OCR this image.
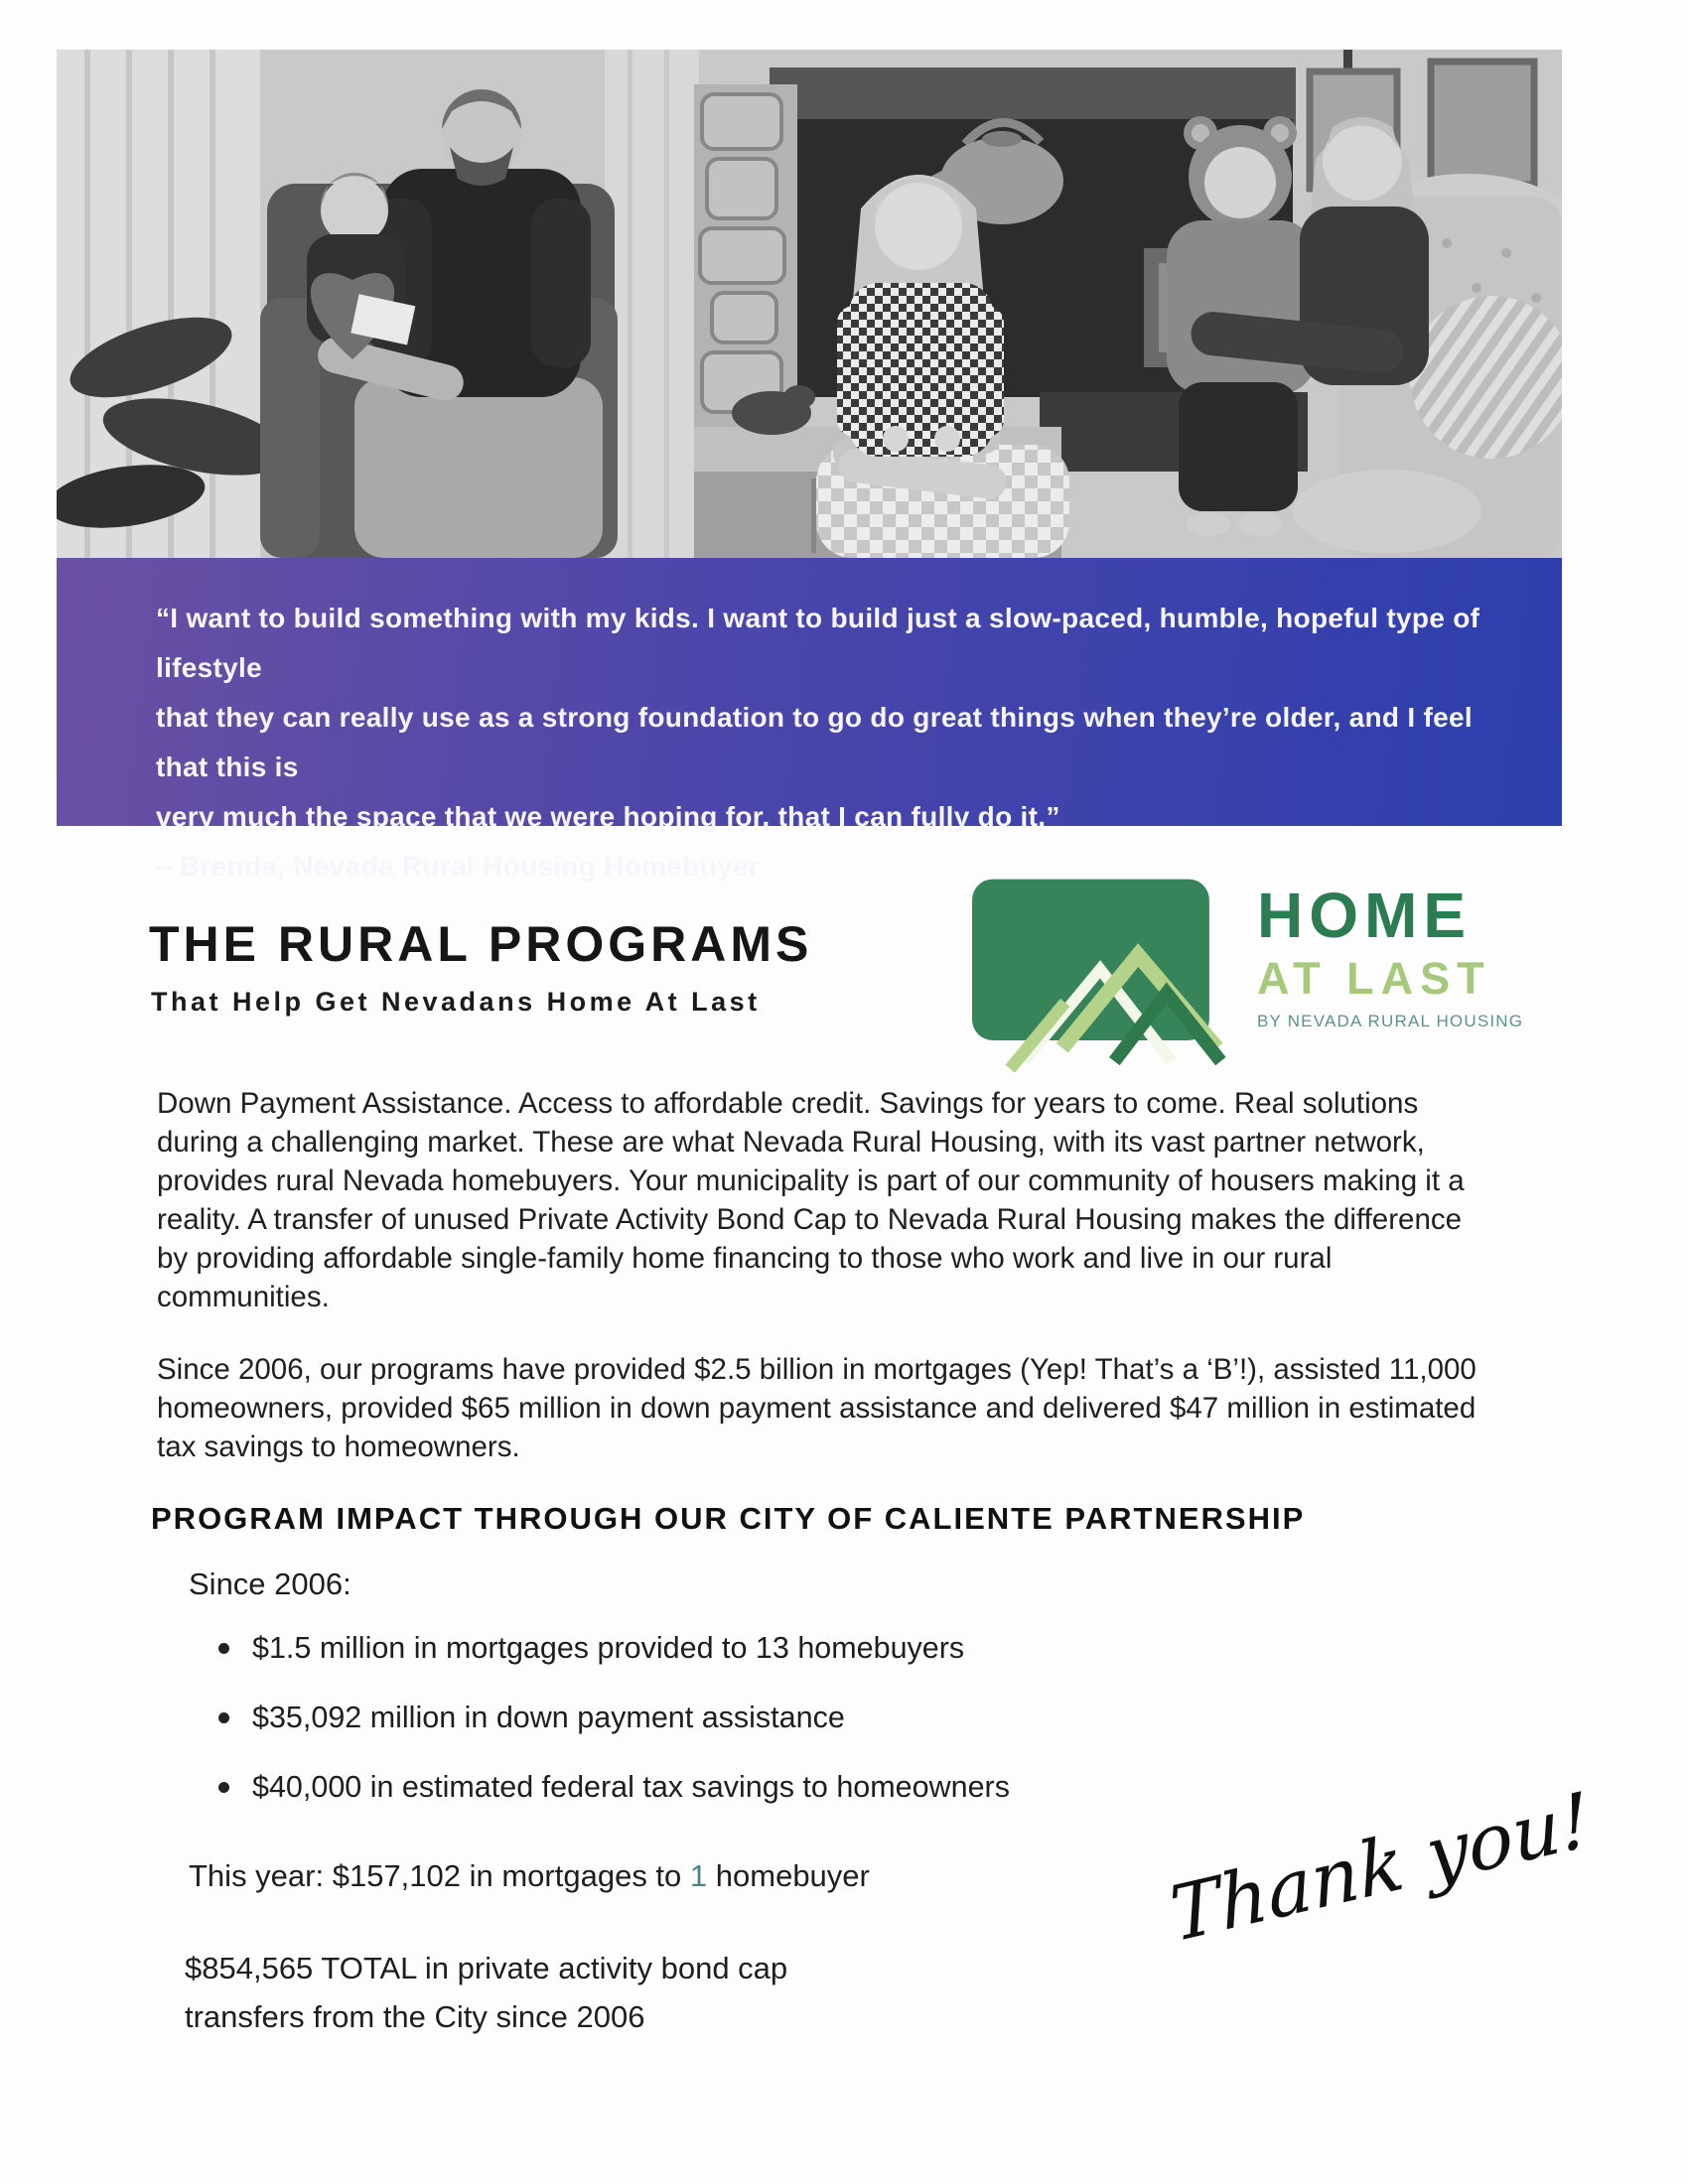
“I want to build something with my kids. I want to build just a slow-paced, humble, hopeful type of lifestyle

that they can really use as a strong foundation to go do great things when they’re older, and I feel that this is

very much the space that we were hoping for, that I can fully do it.”

– Brenda, Nevada Rural Housing Homebuyer

THE RURAL PROGRAMS
That Help Get Nevadans Home At Last
HOME
AT LAST
BY NEVADA RURAL HOUSING

Down Payment Assistance. Access to affordable credit. Savings for years to come. Real solutions during a challenging market. These are what Nevada Rural Housing, with its vast partner network, provides rural Nevada homebuyers. Your municipality is part of our community of housers making it a reality. A transfer of unused Private Activity Bond Cap to Nevada Rural Housing makes the difference by providing affordable single-family home financing to those who work and live in our rural communities.

Since 2006, our programs have provided $2.5 billion in mortgages (Yep! That’s a ‘B’!), assisted 11,000 homeowners, provided $65 million in down payment assistance and delivered $47 million in estimated tax savings to homeowners.

PROGRAM IMPACT THROUGH OUR CITY OF CALIENTE PARTNERSHIP

Since 2006:

$1.5 million in mortgages provided to 13 homebuyers
$35,092 million in down payment assistance
$40,000 in estimated federal tax savings to homeowners

This year: $157,102 in mortgages to 1 homebuyer

$854,565 TOTAL in private activity bond cap transfers from the City since 2006

Thank you!
